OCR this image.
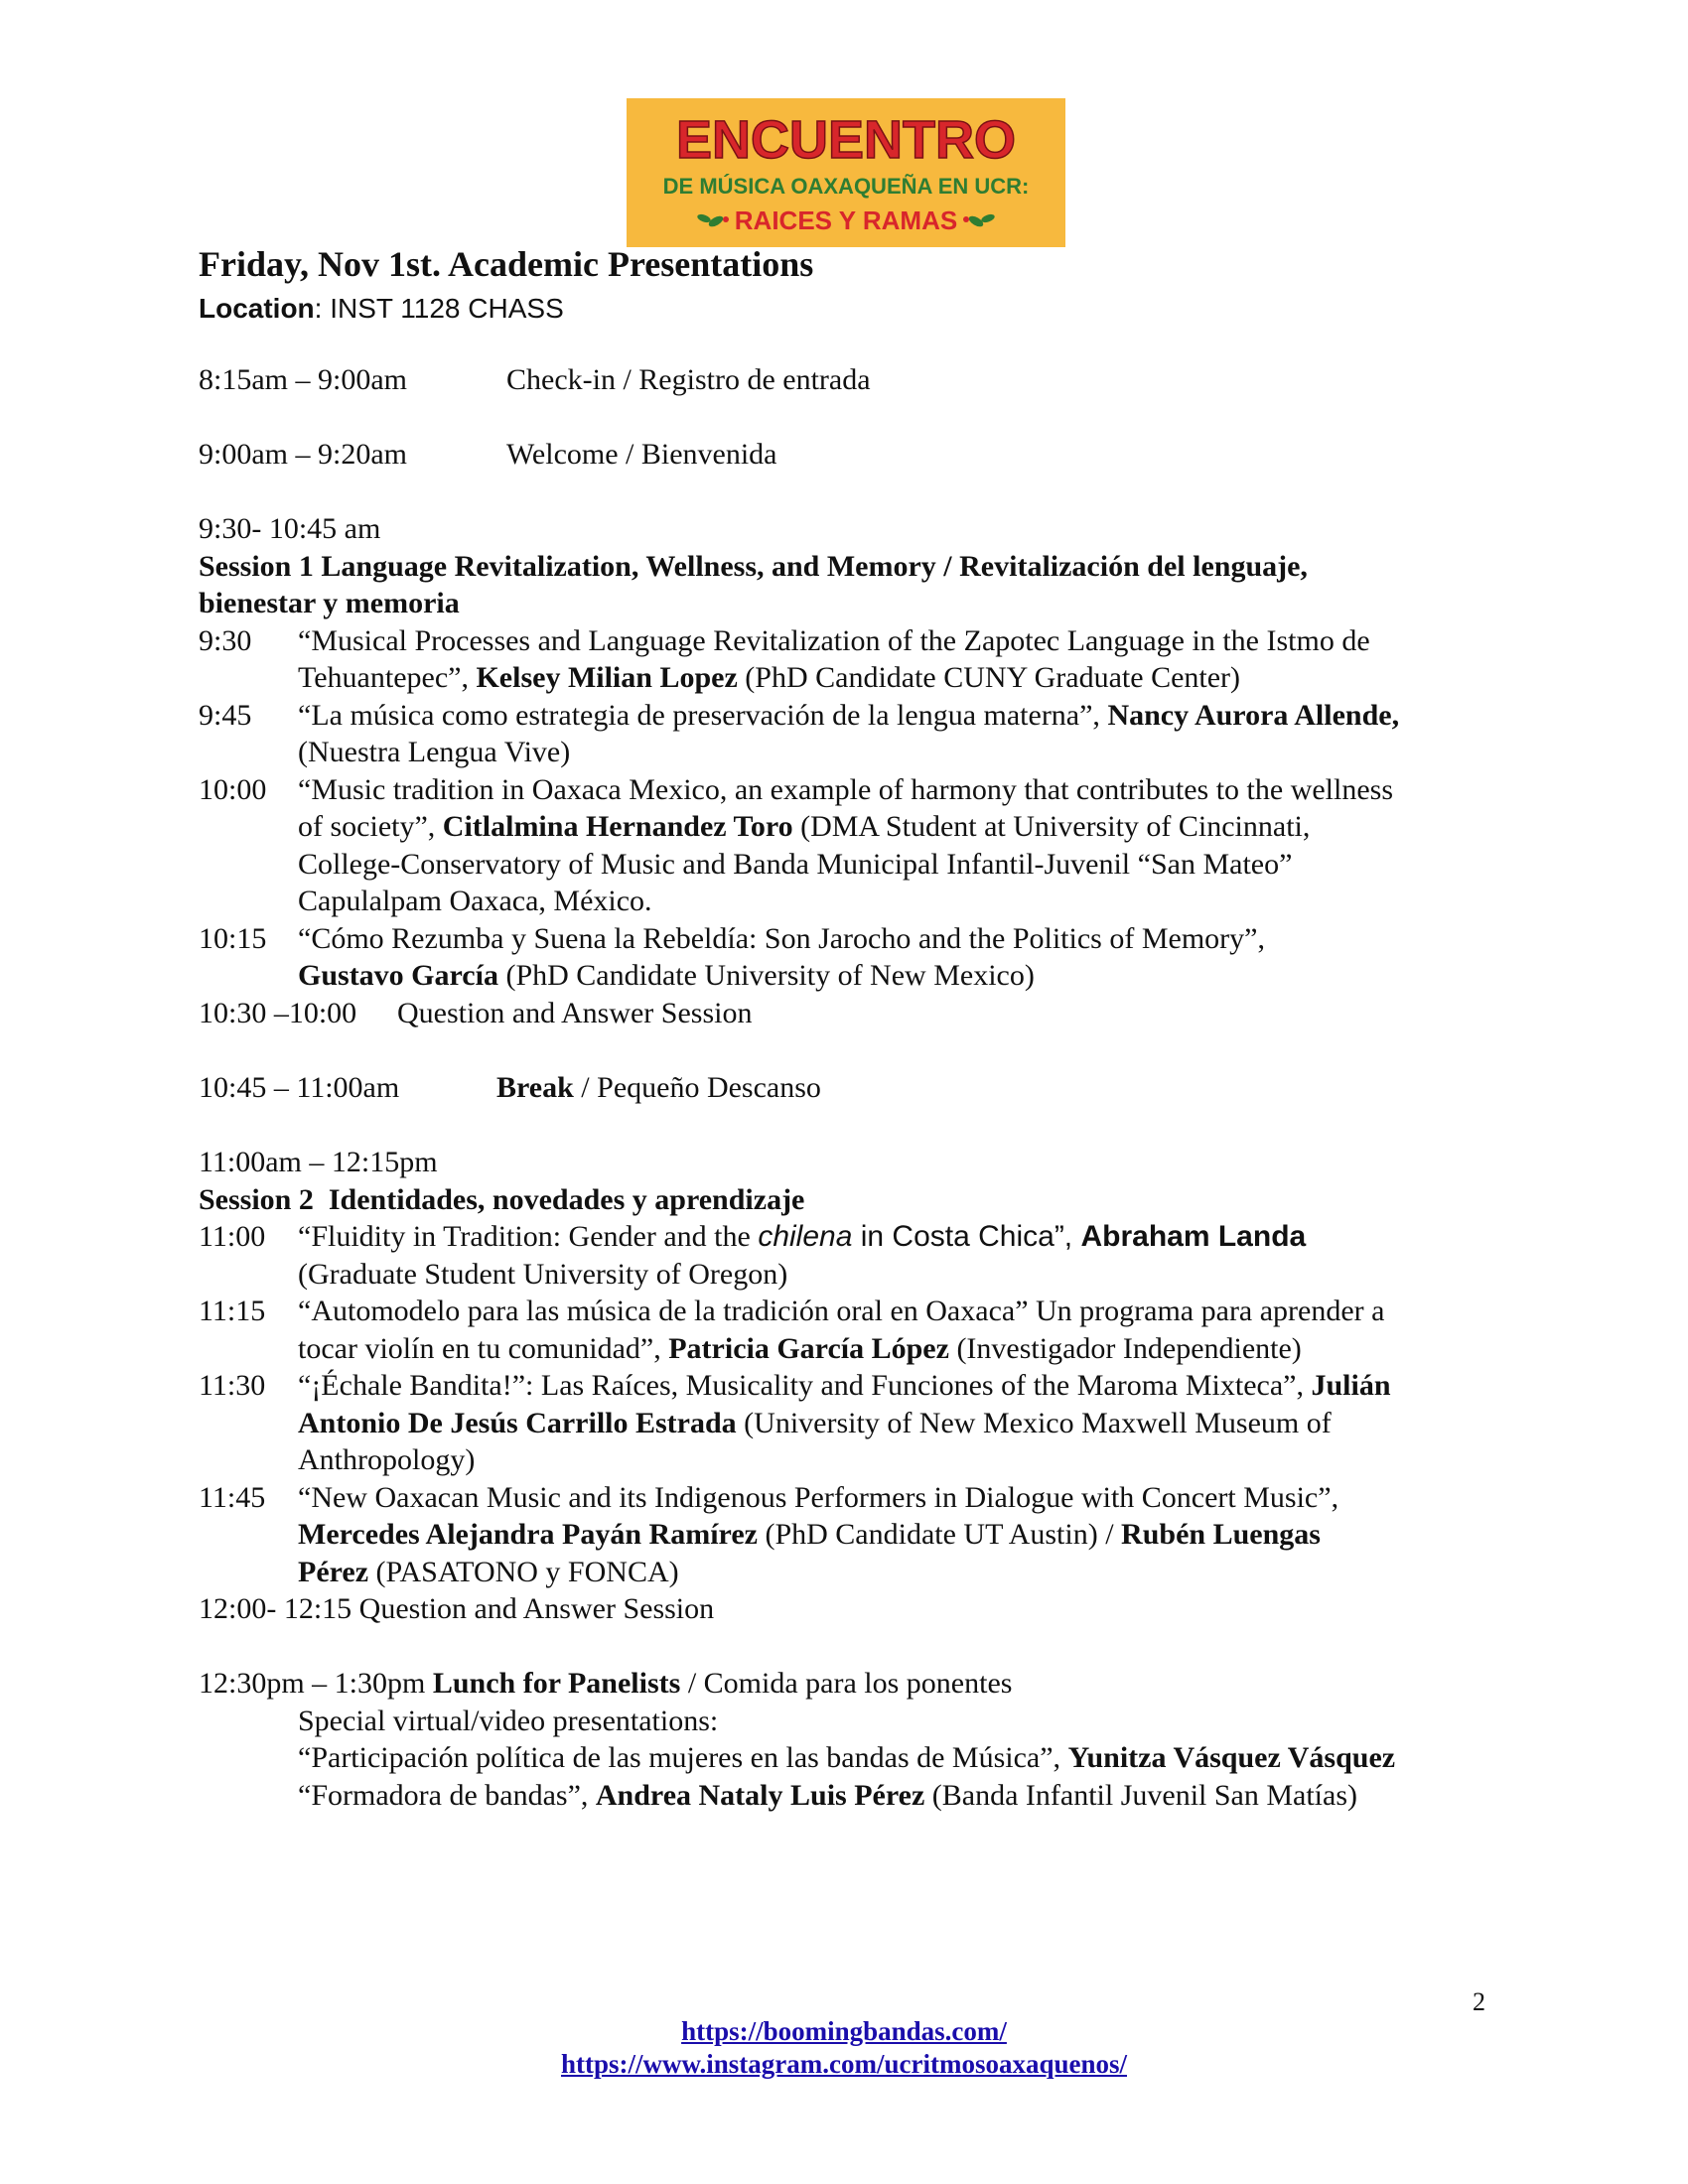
ENCUENTRO
DE MÚSICA OAXAQUEÑA EN UCR:
RAICES Y RAMAS
Friday, Nov 1st. Academic Presentations
Location: INST 1128 CHASS
8:15am – 9:00am	Check-in / Registro de entrada
9:00am – 9:20am	Welcome / Bienvenida
9:30- 10:45 am
Session 1 Language Revitalization, Wellness, and Memory / Revitalización del lenguaje,
bienestar y memoria
9:30 “Musical Processes and Language Revitalization of the Zapotec Language in the Istmo de
Tehuantepec”, Kelsey Milian Lopez (PhD Candidate CUNY Graduate Center)
9:45 “La música como estrategia de preservación de la lengua materna”, Nancy Aurora Allende,
(Nuestra Lengua Vive)
10:00 “Music tradition in Oaxaca Mexico, an example of harmony that contributes to the wellness
of society”, Citlalmina Hernandez Toro (DMA Student at University of Cincinnati,
College-Conservatory of Music and Banda Municipal Infantil-Juvenil “San Mateo”
Capulalpam Oaxaca, México.
10:15 “Cómo Rezumba y Suena la Rebeldía: Son Jarocho and the Politics of Memory”,
Gustavo García (PhD Candidate University of New Mexico)
10:30 –10:00 Question and Answer Session
10:45 – 11:00am	Break / Pequeño Descanso
11:00am – 12:15pm
Session 2  Identidades, novedades y aprendizaje
11:00 “Fluidity in Tradition: Gender and the chilena in Costa Chica”, Abraham Landa
(Graduate Student University of Oregon)
11:15 “Automodelo para las música de la tradición oral en Oaxaca” Un programa para aprender a
tocar violín en tu comunidad”, Patricia García López (Investigador Independiente)
11:30 “¡Échale Bandita!”: Las Raíces, Musicality and Funciones of the Maroma Mixteca”, Julián
Antonio De Jesús Carrillo Estrada (University of New Mexico Maxwell Museum of
Anthropology)
11:45 “New Oaxacan Music and its Indigenous Performers in Dialogue with Concert Music”,
Mercedes Alejandra Payán Ramírez (PhD Candidate UT Austin) / Rubén Luengas
Pérez (PASATONO y FONCA)
12:00- 12:15 Question and Answer Session
12:30pm – 1:30pm Lunch for Panelists / Comida para los ponentes
Special virtual/video presentations:
“Participación política de las mujeres en las bandas de Música”, Yunitza Vásquez Vásquez
“Formadora de bandas”, Andrea Nataly Luis Pérez (Banda Infantil Juvenil San Matías)
2
https://boomingbandas.com/
https://www.instagram.com/ucritmosoaxaquenos/
